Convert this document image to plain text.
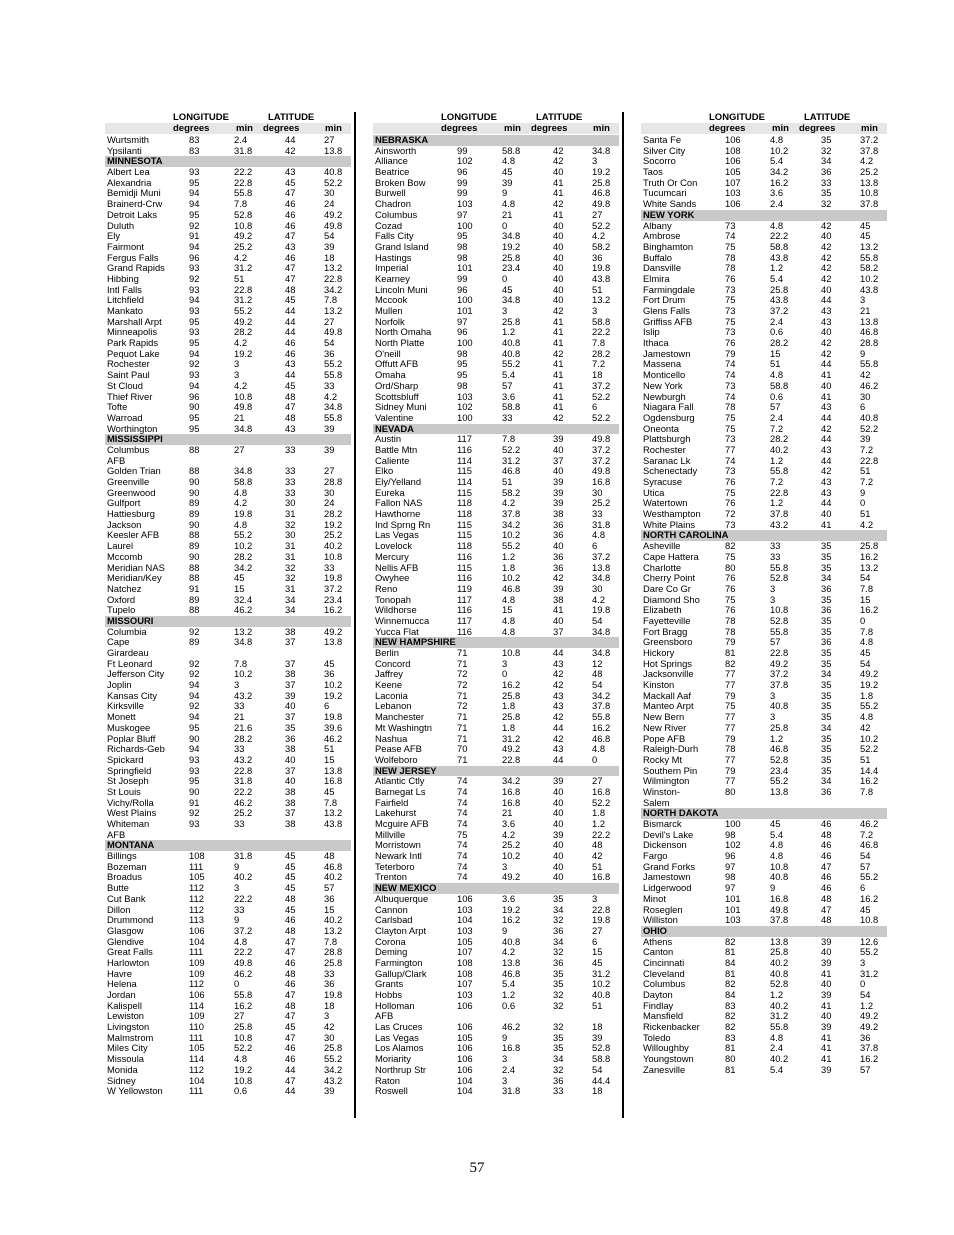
LONGITUDE	LATITUDE
degrees	min degrees	min
Wurtsmith	83	2.4	44	27
Ypsilanti	83	31.8	42	13.8
MINNESOTA
Albert Lea	93	22.2	43	40.8
Alexandria	95	22.8	45	52.2
Bemidji Muni	94	55.8	47	30
Brainerd-Crw	94	7.8	46	24
Detroit Laks	95	52.8	46	49.2
Duluth	92	10.8	46	49.8
Ely	91	49.2	47	54
Fairmont	94	25.2	43	39
Fergus Falls	96	4.2	46	18
Grand Rapids	93	31.2	47	13.2
Hibbing	92	51	47	22.8
Intl Falls	93	22.8	48	34.2
Litchfield	94	31.2	45	7.8
Mankato	93	55.2	44	13.2
Marshall Arpt	95	49.2	44	27
Minneapolis	93	28.2	44	49.8
Park Rapids	95	4.2	46	54
Pequot Lake	94	19.2	46	36
Rochester	92	3	43	55.2
Saint Paul	93	3	44	55.8
St Cloud	94	4.2	45	33
Thief River	96	10.8	48	4.2
Tofte	90	49.8	47	34.8
Warroad	95	21	48	55.8
Worthington	95	34.8	43	39
MISSISSIPPI
Columbus	88	27	33	39
AFB
Golden Trian	88	34.8	33	27
Greenville	90	58.8	33	28.8
Greenwood	90	4.8	33	30
Gulfport	89	4.2	30	24
Hattiesburg	89	19.8	31	28.2
Jackson	90	4.8	32	19.2
Keesler AFB	88	55.2	30	25.2
Laurel	89	10.2	31	40.2
Mccomb	90	28.2	31	10.8
Meridian NAS	88	34.2	32	33
Meridian/Key	88	45	32	19.8
Natchez	91	15	31	37.2
Oxford	89	32.4	34	23.4
Tupelo	88	46.2	34	16.2
MISSOURI
Columbia	92	13.2	38	49.2
Cape	89	34.8	37	13.8
Girardeau
Ft Leonard	92	7.8	37	45
Jefferson City	92	10.2	38	36
Joplin	94	3	37	10.2
Kansas City	94	43.2	39	19.2
Kirksville	92	33	40	6
Monett	94	21	37	19.8
Muskogee	95	21.6	35	39.6
Poplar Bluff	90	28.2	36	46.2
Richards-Geb	94	33	38	51
Spickard	93	43.2	40	15
Springfield	93	22.8	37	13.8
St Joseph	95	31.8	40	16.8
St Louis	90	22.2	38	45
Vichy/Rolla	91	46.2	38	7.8
West Plains	92	25.2	37	13.2
Whiteman	93	33	38	43.8
AFB
MONTANA
Billings	108	31.8	45	48
Bozeman	111	9	45	46.8
Broadus	105	40.2	45	40.2
Butte	112	3	45	57
Cut Bank	112	22.2	48	36
Dillon	112	33	45	15
Drummond	113	9	46	40.2
Glasgow	106	37.2	48	13.2
Glendive	104	4.8	47	7.8
Great Falls	111	22.2	47	28.8
Harlowton	109	49.8	46	25.8
Havre	109	46.2	48	33
Helena	112	0	46	36
Jordan	106	55.8	47	19.8
Kalispell	114	16.2	48	18
Lewiston	109	27	47	3
Livingston	110	25.8	45	42
Malmstrom	111	10.8	47	30
Miles City	105	52.2	46	25.8
Missoula	114	4.8	46	55.2
Monida	112	19.2	44	34.2
Sidney	104	10.8	47	43.2
W Yellowston	111	0.6	44	39
LONGITUDE	LATITUDE
degrees	min degrees	min
NEBRASKA
Ainsworth	99	58.8	42	34.8
Alliance	102	4.8	42	3
Beatrice	96	45	40	19.2
Broken Bow	99	39	41	25.8
Burwell	99	9	41	46.8
Chadron	103	4.8	42	49.8
Columbus	97	21	41	27
Cozad	100	0	40	52.2
Falls City	95	34.8	40	4.2
Grand Island	98	19.2	40	58.2
Hastings	98	25.8	40	36
Imperial	101	23.4	40	19.8
Kearney	99	0	40	43.8
Lincoln Muni	96	45	40	51
Mccook	100	34.8	40	13.2
Mullen	101	3	42	3
Norfolk	97	25.8	41	58.8
North Omaha	96	1.2	41	22.2
North Platte	100	40.8	41	7.8
O'neill	98	40.8	42	28.2
Offutt AFB	95	55.2	41	7.2
Omaha	95	5.4	41	18
Ord/Sharp	98	57	41	37.2
Scottsbluff	103	3.6	41	52.2
Sidney Muni	102	58.8	41	6
Valentine	100	33	42	52.2
NEVADA
Austin	117	7.8	39	49.8
Battle Mtn	116	52.2	40	37.2
Caliente	114	31.2	37	37.2
Elko	115	46.8	40	49.8
Ely/Yelland	114	51	39	16.8
Eureka	115	58.2	39	30
Fallon NAS	118	4.2	39	25.2
Hawthorne	118	37.8	38	33
Ind Sprng Rn	115	34.2	36	31.8
Las Vegas	115	10.2	36	4.8
Lovelock	118	55.2	40	6
Mercury	116	1.2	36	37.2
Nellis AFB	115	1.8	36	13.8
Owyhee	116	10.2	42	34.8
Reno	119	46.8	39	30
Tonopah	117	4.8	38	4.2
Wildhorse	116	15	41	19.8
Winnemucca	117	4.8	40	54
Yucca Flat	116	4.8	37	34.8
NEW HAMPSHIRE
Berlin	71	10.8	44	34.8
Concord	71	3	43	12
Jaffrey	72	0	42	48
Keene	72	16.2	42	54
Laconia	71	25.8	43	34.2
Lebanon	72	1.8	43	37.8
Manchester	71	25.8	42	55.8
Mt Washingtn	71	1.8	44	16.2
Nashua	71	31.2	42	46.8
Pease AFB	70	49.2	43	4.8
Wolfeboro	71	22.8	44	0
NEW JERSEY
Atlantic Ctly	74	34.2	39	27
Barnegat Ls	74	16.8	40	16.8
Fairfield	74	16.8	40	52.2
Lakehurst	74	21	40	1.8
Mcguire AFB	74	3.6	40	1.2
Millville	75	4.2	39	22.2
Morristown	74	25.2	40	48
Newark Intl	74	10.2	40	42
Teterboro	74	3	40	51
Trenton	74	49.2	40	16.8
NEW MEXICO
Albuquerque	106	3.6	35	3
Cannon	103	19.2	34	22.8
Carlsbad	104	16.2	32	19.8
Clayton Arpt	103	9	36	27
Corona	105	40.8	34	6
Deming	107	4.2	32	15
Farmington	108	13.8	36	45
Gallup/Clark	108	46.8	35	31.2
Grants	107	5.4	35	10.2
Hobbs	103	1.2	32	40.8
Holloman	106	0.6	32	51
AFB
Las Cruces	106	46.2	32	18
Las Vegas	105	9	35	39
Los Alamos	106	16.8	35	52.8
Moriarity	106	3	34	58.8
Northrup Str	106	2.4	32	54
Raton	104	3	36	44.4
Roswell	104	31.8	33	18
LONGITUDE	LATITUDE
degrees	min degrees	min
Santa Fe	106	4.8	35	37.2
Silver City	108	10.2	32	37.8
Socorro	106	5.4	34	4.2
Taos	105	34.2	36	25.2
Truth Or Con	107	16.2	33	13.8
Tucumcari	103	3.6	35	10.8
White Sands	106	2.4	32	37.8
NEW YORK
Albany	73	4.8	42	45
Ambrose	74	22.2	40	45
Binghamton	75	58.8	42	13.2
Buffalo	78	43.8	42	55.8
Dansville	78	1.2	42	58.2
Elmira	76	5.4	42	10.2
Farmingdale	73	25.8	40	43.8
Fort Drum	75	43.8	44	3
Glens Falls	73	37.2	43	21
Griffiss AFB	75	2.4	43	13.8
Islip	73	0.6	40	46.8
Ithaca	76	28.2	42	28.8
Jamestown	79	15	42	9
Massena	74	51	44	55.8
Monticello	74	4.8	41	42
New York	73	58.8	40	46.2
Newburgh	74	0.6	41	30
Niagara Fall	78	57	43	6
Ogdensburg	75	2.4	44	40.8
Oneonta	75	7.2	42	52.2
Plattsburgh	73	28.2	44	39
Rochester	77	40.2	43	7.2
Saranac Lk	74	1.2	44	22.8
Schenectady	73	55.8	42	51
Syracuse	76	7.2	43	7.2
Utica	75	22.8	43	9
Watertown	76	1.2	44	0
Westhampton	72	37.8	40	51
White Plains	73	43.2	41	4.2
NORTH CAROLINA
Asheville	82	33	35	25.8
Cape Hattera	75	33	35	16.2
Charlotte	80	55.8	35	13.2
Cherry Point	76	52.8	34	54
Dare Co Gr	76	3	36	7.8
Diamond Sho	75	3	35	15
Elizabeth	76	10.8	36	16.2
Fayetteville	78	52.8	35	0
Fort Bragg	78	55.8	35	7.8
Greensboro	79	57	36	4.8
Hickory	81	22.8	35	45
Hot Springs	82	49.2	35	54
Jacksonville	77	37.2	34	49.2
Kinston	77	37.8	35	19.2
Mackall Aaf	79	3	35	1.8
Manteo Arpt	75	40.8	35	55.2
New Bern	77	3	35	4.8
New River	77	25.8	34	42
Pope AFB	79	1.2	35	10.2
Raleigh-Durh	78	46.8	35	52.2
Rocky Mt	77	52.8	35	51
Southern Pin	79	23.4	35	14.4
Wilmington	77	55.2	34	16.2
Winston-	80	13.8	36	7.8
Salem
NORTH DAKOTA
Bismarck	100	45	46	46.2
Devil's Lake	98	5.4	48	7.2
Dickenson	102	4.8	46	46.8
Fargo	96	4.8	46	54
Grand Forks	97	10.8	47	57
Jamestown	98	40.8	46	55.2
Lidgerwood	97	9	46	6
Minot	101	16.8	48	16.2
Roseglen	101	49.8	47	45
Williston	103	37.8	48	10.8
OHIO
Athens	82	13.8	39	12.6
Canton	81	25.8	40	55.2
Cincinnati	84	40.2	39	3
Cleveland	81	40.8	41	31.2
Columbus	82	52.8	40	0
Dayton	84	1.2	39	54
Findlay	83	40.2	41	1.2
Mansfield	82	31.2	40	49.2
Rickenbacker	82	55.8	39	49.2
Toledo	83	4.8	41	36
Willoughby	81	2.4	41	37.8
Youngstown	80	40.2	41	16.2
Zanesville	81	5.4	39	57
57
